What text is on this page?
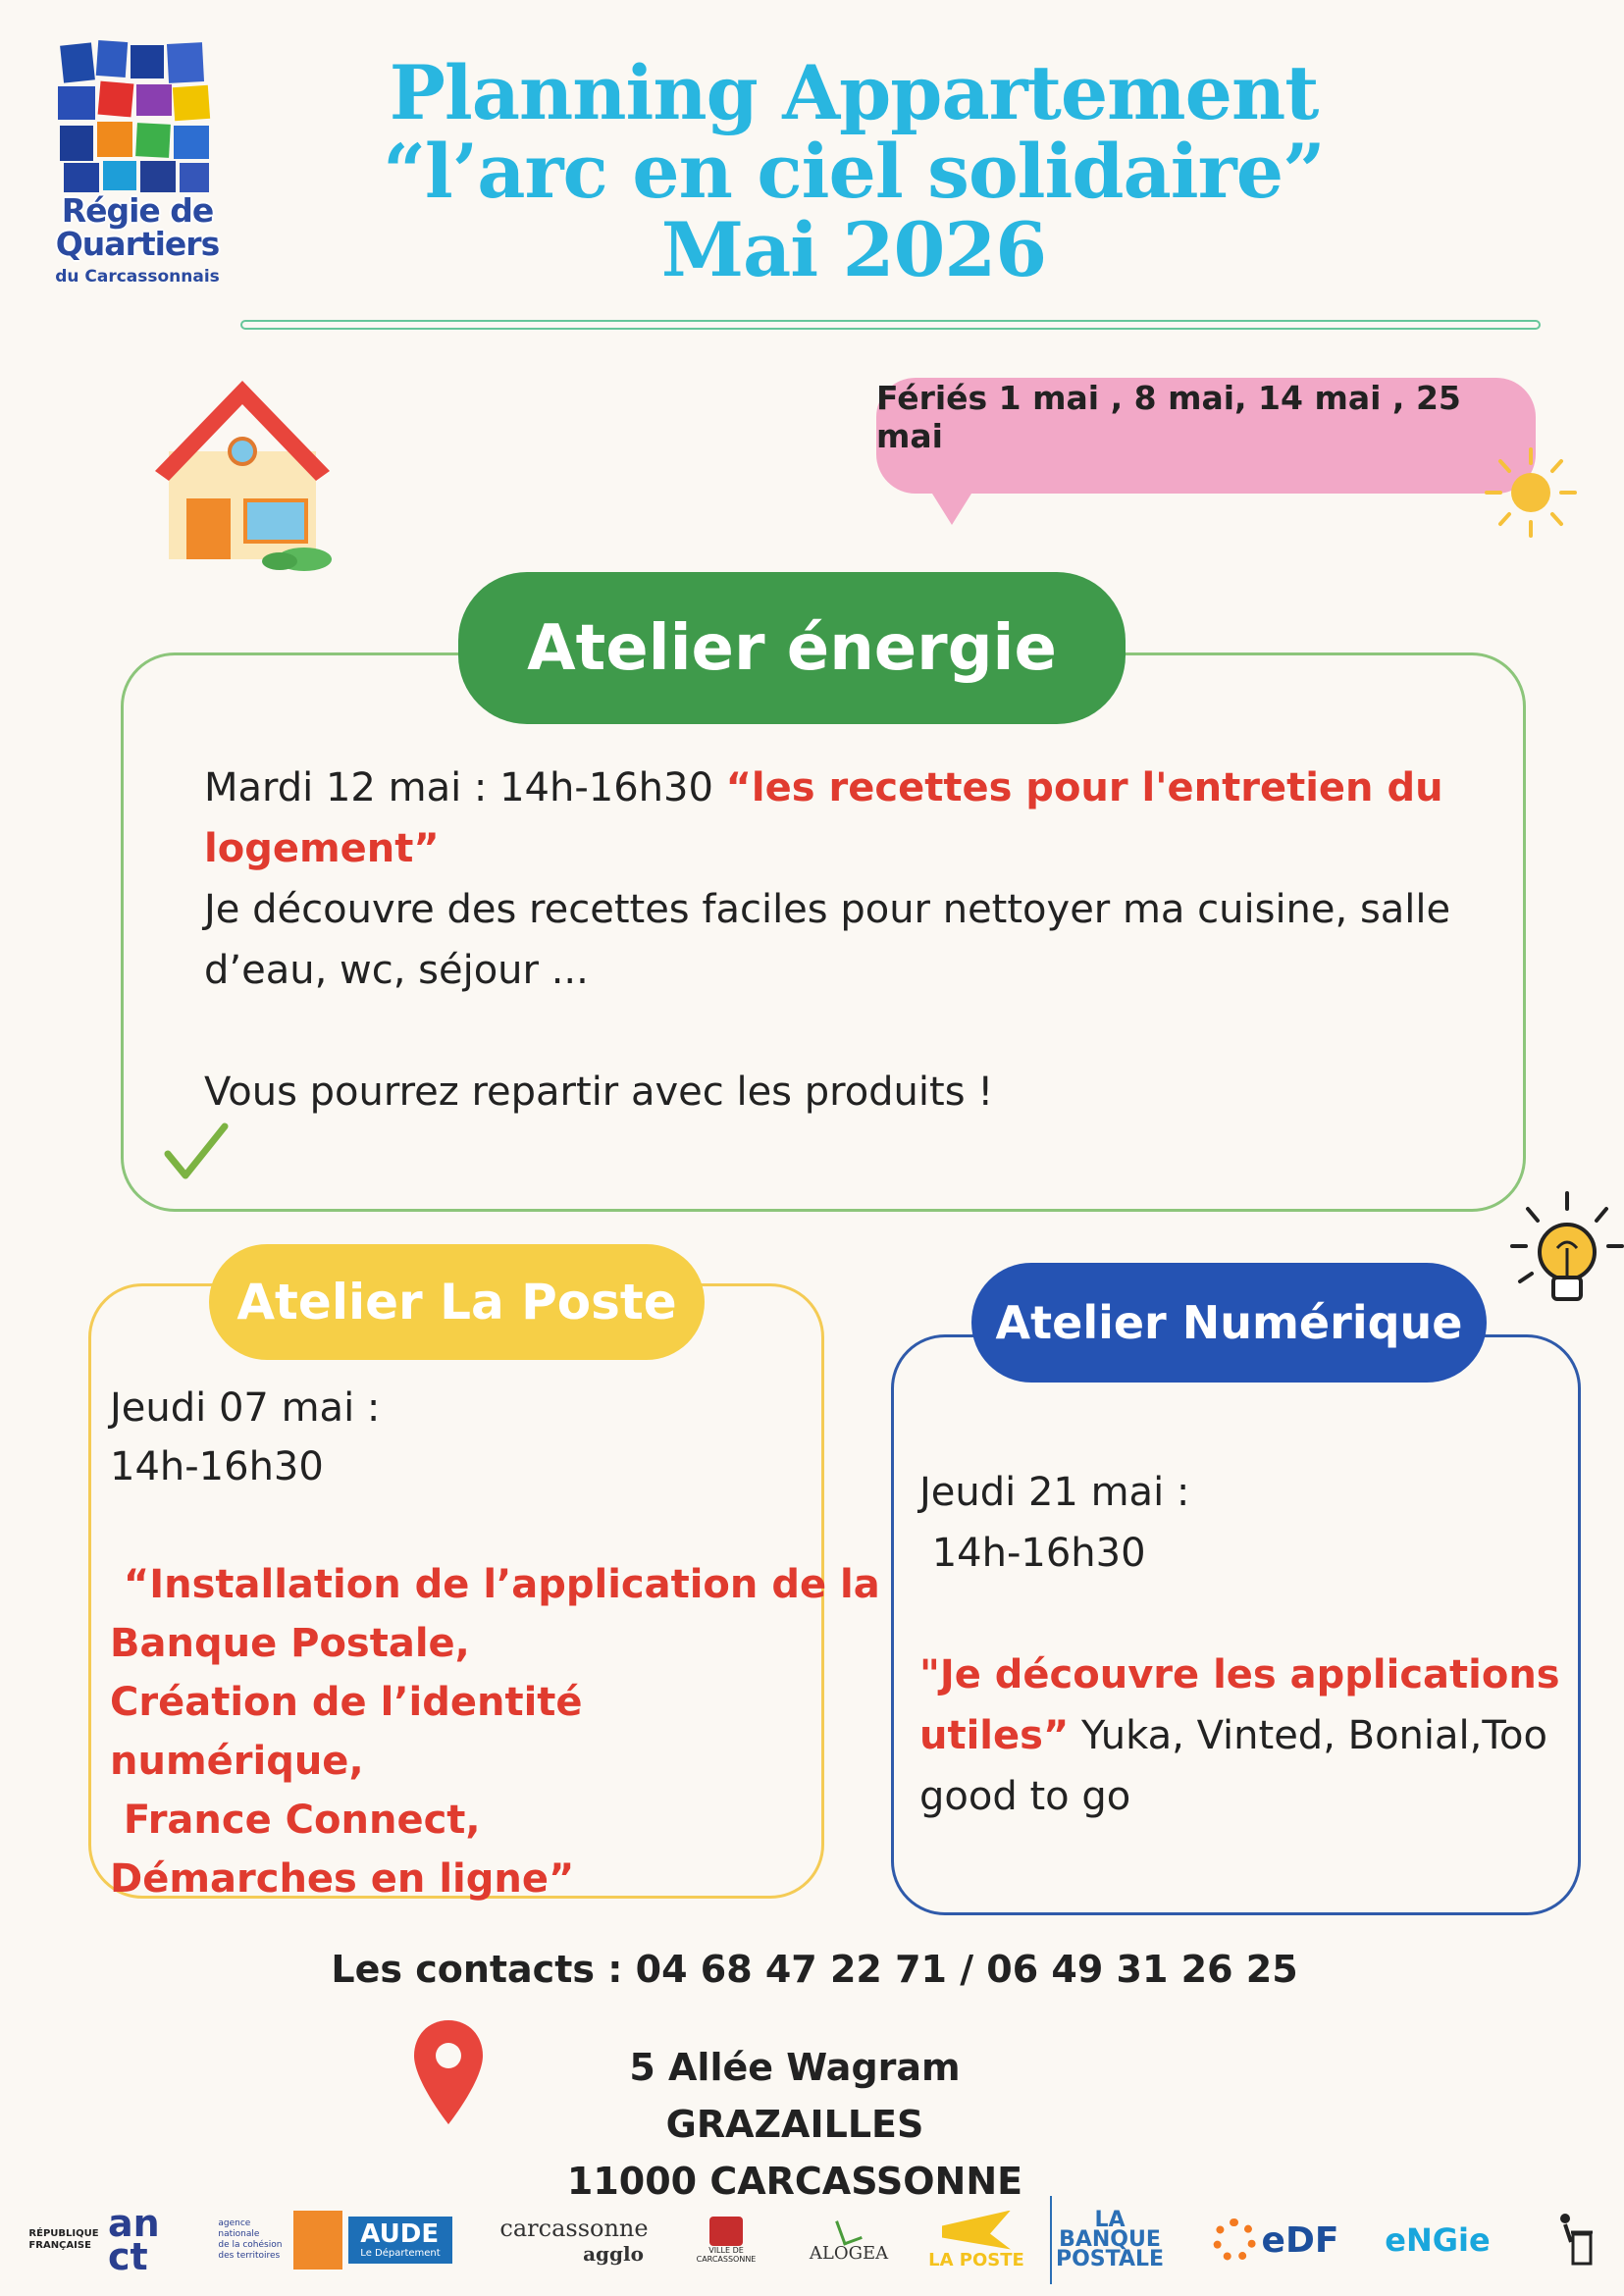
Régie de
Quartiers
du Carcassonnais
Planning Appartement
“l’arc en ciel solidaire”
Mai 2026
Fériés 1 mai , 8 mai, 14 mai , 25 mai
Atelier énergie
Mardi 12 mai : 14h-16h30 “les recettes pour l'entretien du logement”
Je découvre des recettes faciles pour nettoyer ma cuisine, salle d’eau, wc, séjour ...
Vous pourrez repartir avec les produits !
Atelier La Poste
Jeudi 07 mai :
14h-16h30
“Installation de l’application de la
Banque Postale,
Création de l’identité numérique,
France Connect,
Démarches en ligne”
Atelier Numérique
Jeudi 21 mai :
14h-16h30
"Je découvre les applications utiles” Yuka, Vinted, Bonial,Too good to go
Les contacts : 04 68 47 22 71 / 06 49 31 26 25
5 Allée Wagram GRAZAILLES
11000 CARCASSONNE
RÉPUBLIQUE
FRANÇAISE
an ct
agence nationale
de la cohésion
des territoires
AUDE
Le Département
carcassonne
agglo	VILLE DE CARCASSONNE	ALOGEA LA POSTE
LA
BANQUE
POSTALE	eDF eNGie
